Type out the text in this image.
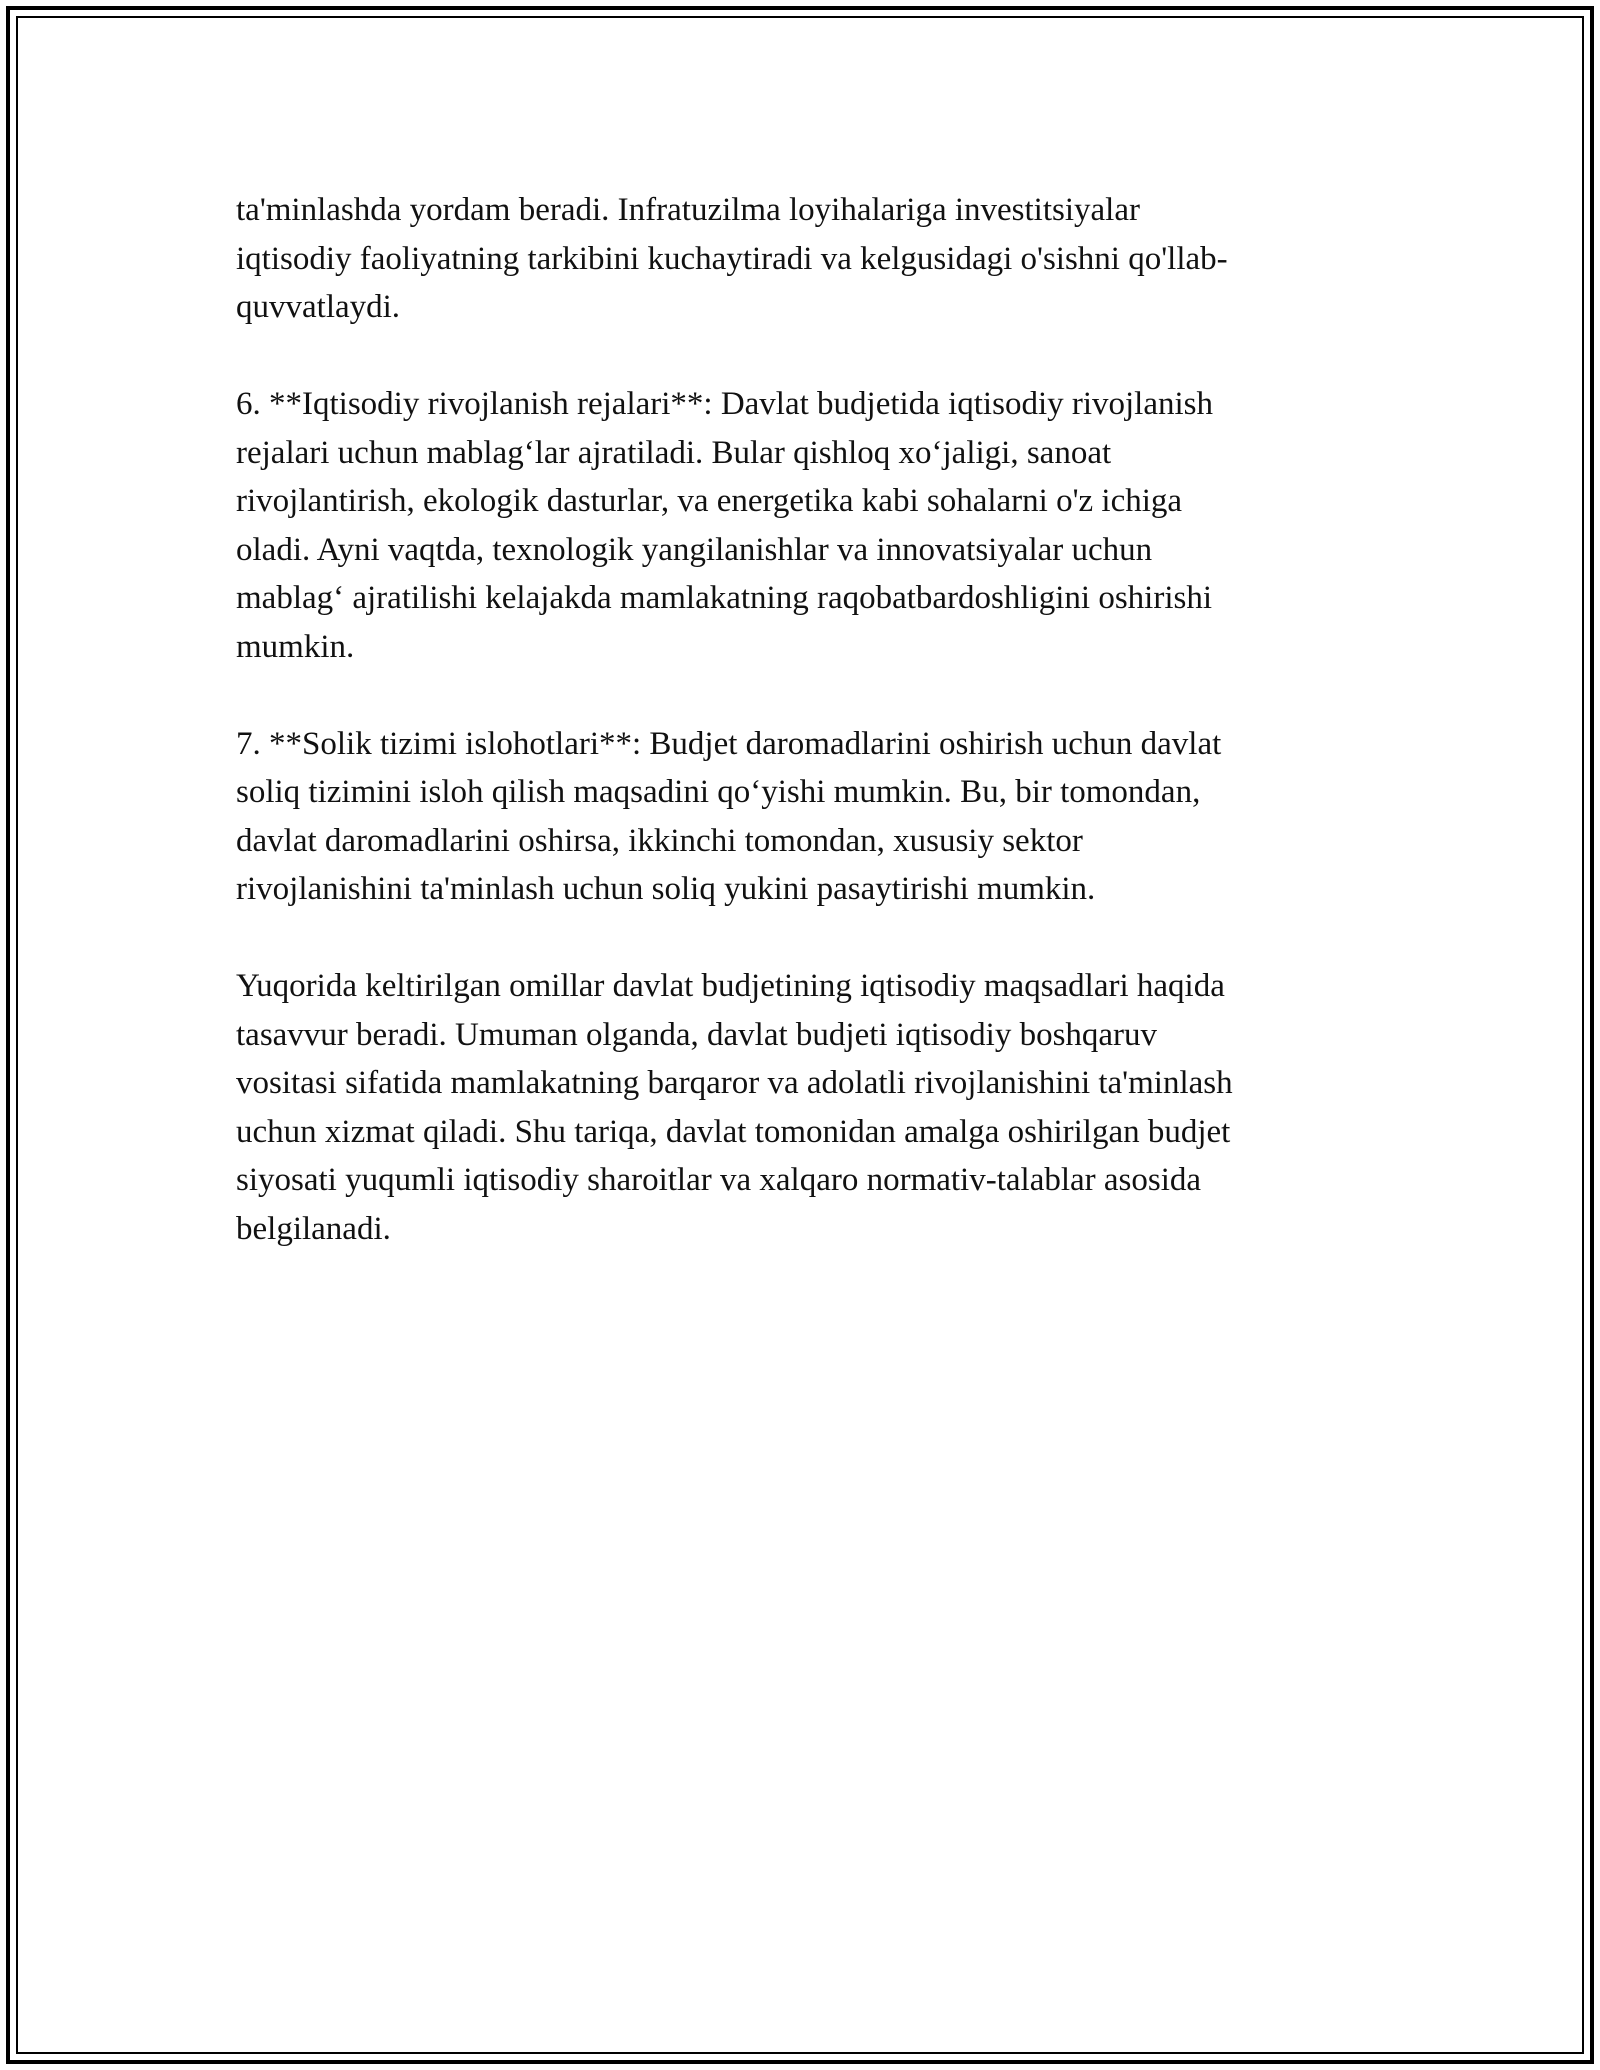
ta'minlashda yordam beradi. Infratuzilma loyihalariga investitsiyalar
iqtisodiy faoliyatning tarkibini kuchaytiradi va kelgusidagi o'sishni qo'llab-
quvvatlaydi.

6. **Iqtisodiy rivojlanish rejalari**: Davlat budjetida iqtisodiy rivojlanish
rejalari uchun mablag‘lar ajratiladi. Bular qishloq xo‘jaligi, sanoat
rivojlantirish, ekologik dasturlar, va energetika kabi sohalarni o'z ichiga
oladi. Ayni vaqtda, texnologik yangilanishlar va innovatsiyalar uchun
mablag‘ ajratilishi kelajakda mamlakatning raqobatbardoshligini oshirishi
mumkin.

7. **Solik tizimi islohotlari**: Budjet daromadlarini oshirish uchun davlat
soliq tizimini isloh qilish maqsadini qo‘yishi mumkin. Bu, bir tomondan,
davlat daromadlarini oshirsa, ikkinchi tomondan, xususiy sektor
rivojlanishini ta'minlash uchun soliq yukini pasaytirishi mumkin.

Yuqorida keltirilgan omillar davlat budjetining iqtisodiy maqsadlari haqida
tasavvur beradi. Umuman olganda, davlat budjeti iqtisodiy boshqaruv
vositasi sifatida mamlakatning barqaror va adolatli rivojlanishini ta'minlash
uchun xizmat qiladi. Shu tariqa, davlat tomonidan amalga oshirilgan budjet
siyosati yuqumli iqtisodiy sharoitlar va xalqaro normativ-talablar asosida
belgilanadi.
